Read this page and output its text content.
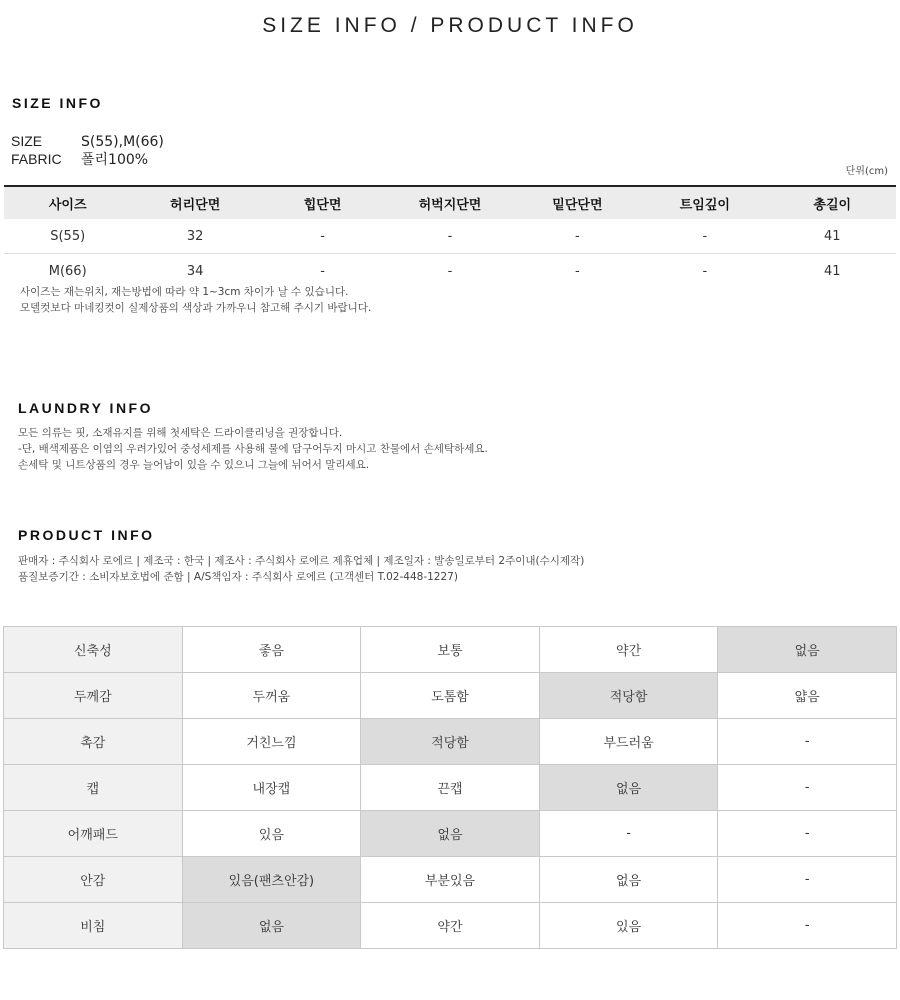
SIZE INFO / PRODUCT INFO
SIZE INFO
SIZE	S(55),M(66)
FABRIC 폴리100%
단위(cm)
사이즈	허리단면	힙단면	허벅지단면	밑단단면	트임깊이	총길이
S(55)	32	-	-	-	-	41
M(66)	34	-	-	-	-	41
사이즈는 재는위치, 재는방법에 따라 약 1~3cm 차이가 날 수 있습니다.
모델컷보다 마네킹컷이 실제상품의 색상과 가까우니 참고해 주시기 바랍니다.
LAUNDRY INFO
모든 의류는 핏, 소재유지를 위해 첫세탁은 드라이클리닝을 권장합니다.
-단, 배색제품은 이염의 우려가있어 중성세제를 사용해 물에 담구어두지 마시고 찬물에서 손세탁하세요.
손세탁 및 니트상품의 경우 늘어남이 있을 수 있으니 그늘에 뉘어서 말리세요.
PRODUCT INFO
판매자 : 주식회사 로에르 | 제조국 : 한국 | 제조사 : 주식회사 로에르 제휴업체 | 제조일자 : 발송일로부터 2주이내(수시제작)
품질보증기간 : 소비자보호법에 준함 | A/S책임자 : 주식회사 로에르 (고객센터 T.02-448-1227)
신축성	좋음	보통	약간	없음
두께감	두꺼움	도톰함	적당함	얇음
촉감	거친느낌	적당함	부드러움	-
캡	내장캡	끈캡	없음	-
어깨패드	있음	없음	-	-
안감	있음(팬츠안감)	부분있음	없음	-
비침	없음	약간	있음	-
